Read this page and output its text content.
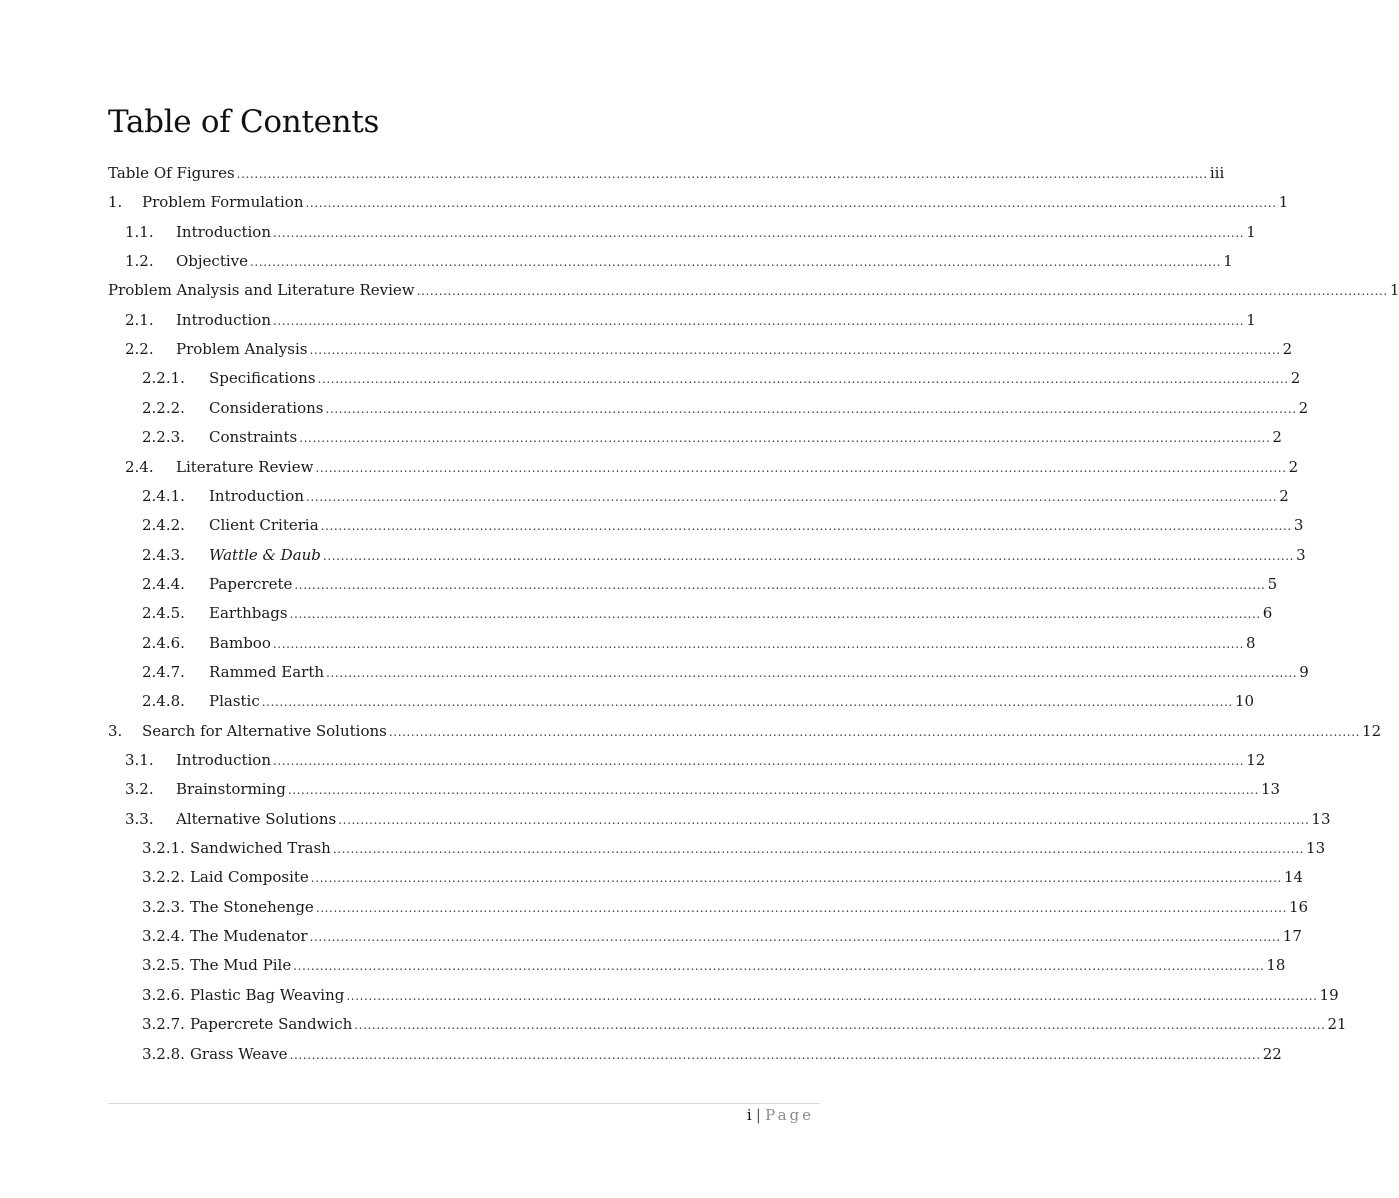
Table of Contents
Table Of Figures ............................................................................................................................................................................................................................ iii
1.	Problem Formulation ............................................................................................................................................................................................................................ 1
1.1.	Introduction ............................................................................................................................................................................................................................ 1
1.2.	Objective ............................................................................................................................................................................................................................ 1
Problem Analysis and Literature Review ............................................................................................................................................................................................................................ 1
2.1.	Introduction ............................................................................................................................................................................................................................ 1
2.2.	Problem Analysis ............................................................................................................................................................................................................................ 2
2.2.1.	Specifications ............................................................................................................................................................................................................................ 2
2.2.2.	Considerations ............................................................................................................................................................................................................................ 2
2.2.3.	Constraints ............................................................................................................................................................................................................................ 2
2.4.	Literature Review ............................................................................................................................................................................................................................ 2
2.4.1.	Introduction ............................................................................................................................................................................................................................ 2
2.4.2.	Client Criteria ............................................................................................................................................................................................................................ 3
2.4.3.	Wattle & Daub ............................................................................................................................................................................................................................ 3
2.4.4.	Papercrete ............................................................................................................................................................................................................................ 5
2.4.5.	Earthbags ............................................................................................................................................................................................................................ 6
2.4.6.	Bamboo ............................................................................................................................................................................................................................ 8
2.4.7.	Rammed Earth ............................................................................................................................................................................................................................ 9
2.4.8.	Plastic ............................................................................................................................................................................................................................ 10
3.	Search for Alternative Solutions ............................................................................................................................................................................................................................ 12
3.1.	Introduction ............................................................................................................................................................................................................................ 12
3.2.	Brainstorming ............................................................................................................................................................................................................................ 13
3.3.	Alternative Solutions ............................................................................................................................................................................................................................ 13
3.2.1. Sandwiched Trash ............................................................................................................................................................................................................................ 13
3.2.2. Laid Composite ............................................................................................................................................................................................................................ 14
3.2.3. The Stonehenge ............................................................................................................................................................................................................................ 16
3.2.4. The Mudenator ............................................................................................................................................................................................................................ 17
3.2.5. The Mud Pile ............................................................................................................................................................................................................................ 18
3.2.6. Plastic Bag Weaving ............................................................................................................................................................................................................................ 19
3.2.7. Papercrete Sandwich ............................................................................................................................................................................................................................ 21
3.2.8. Grass Weave ............................................................................................................................................................................................................................ 22
i | Page
